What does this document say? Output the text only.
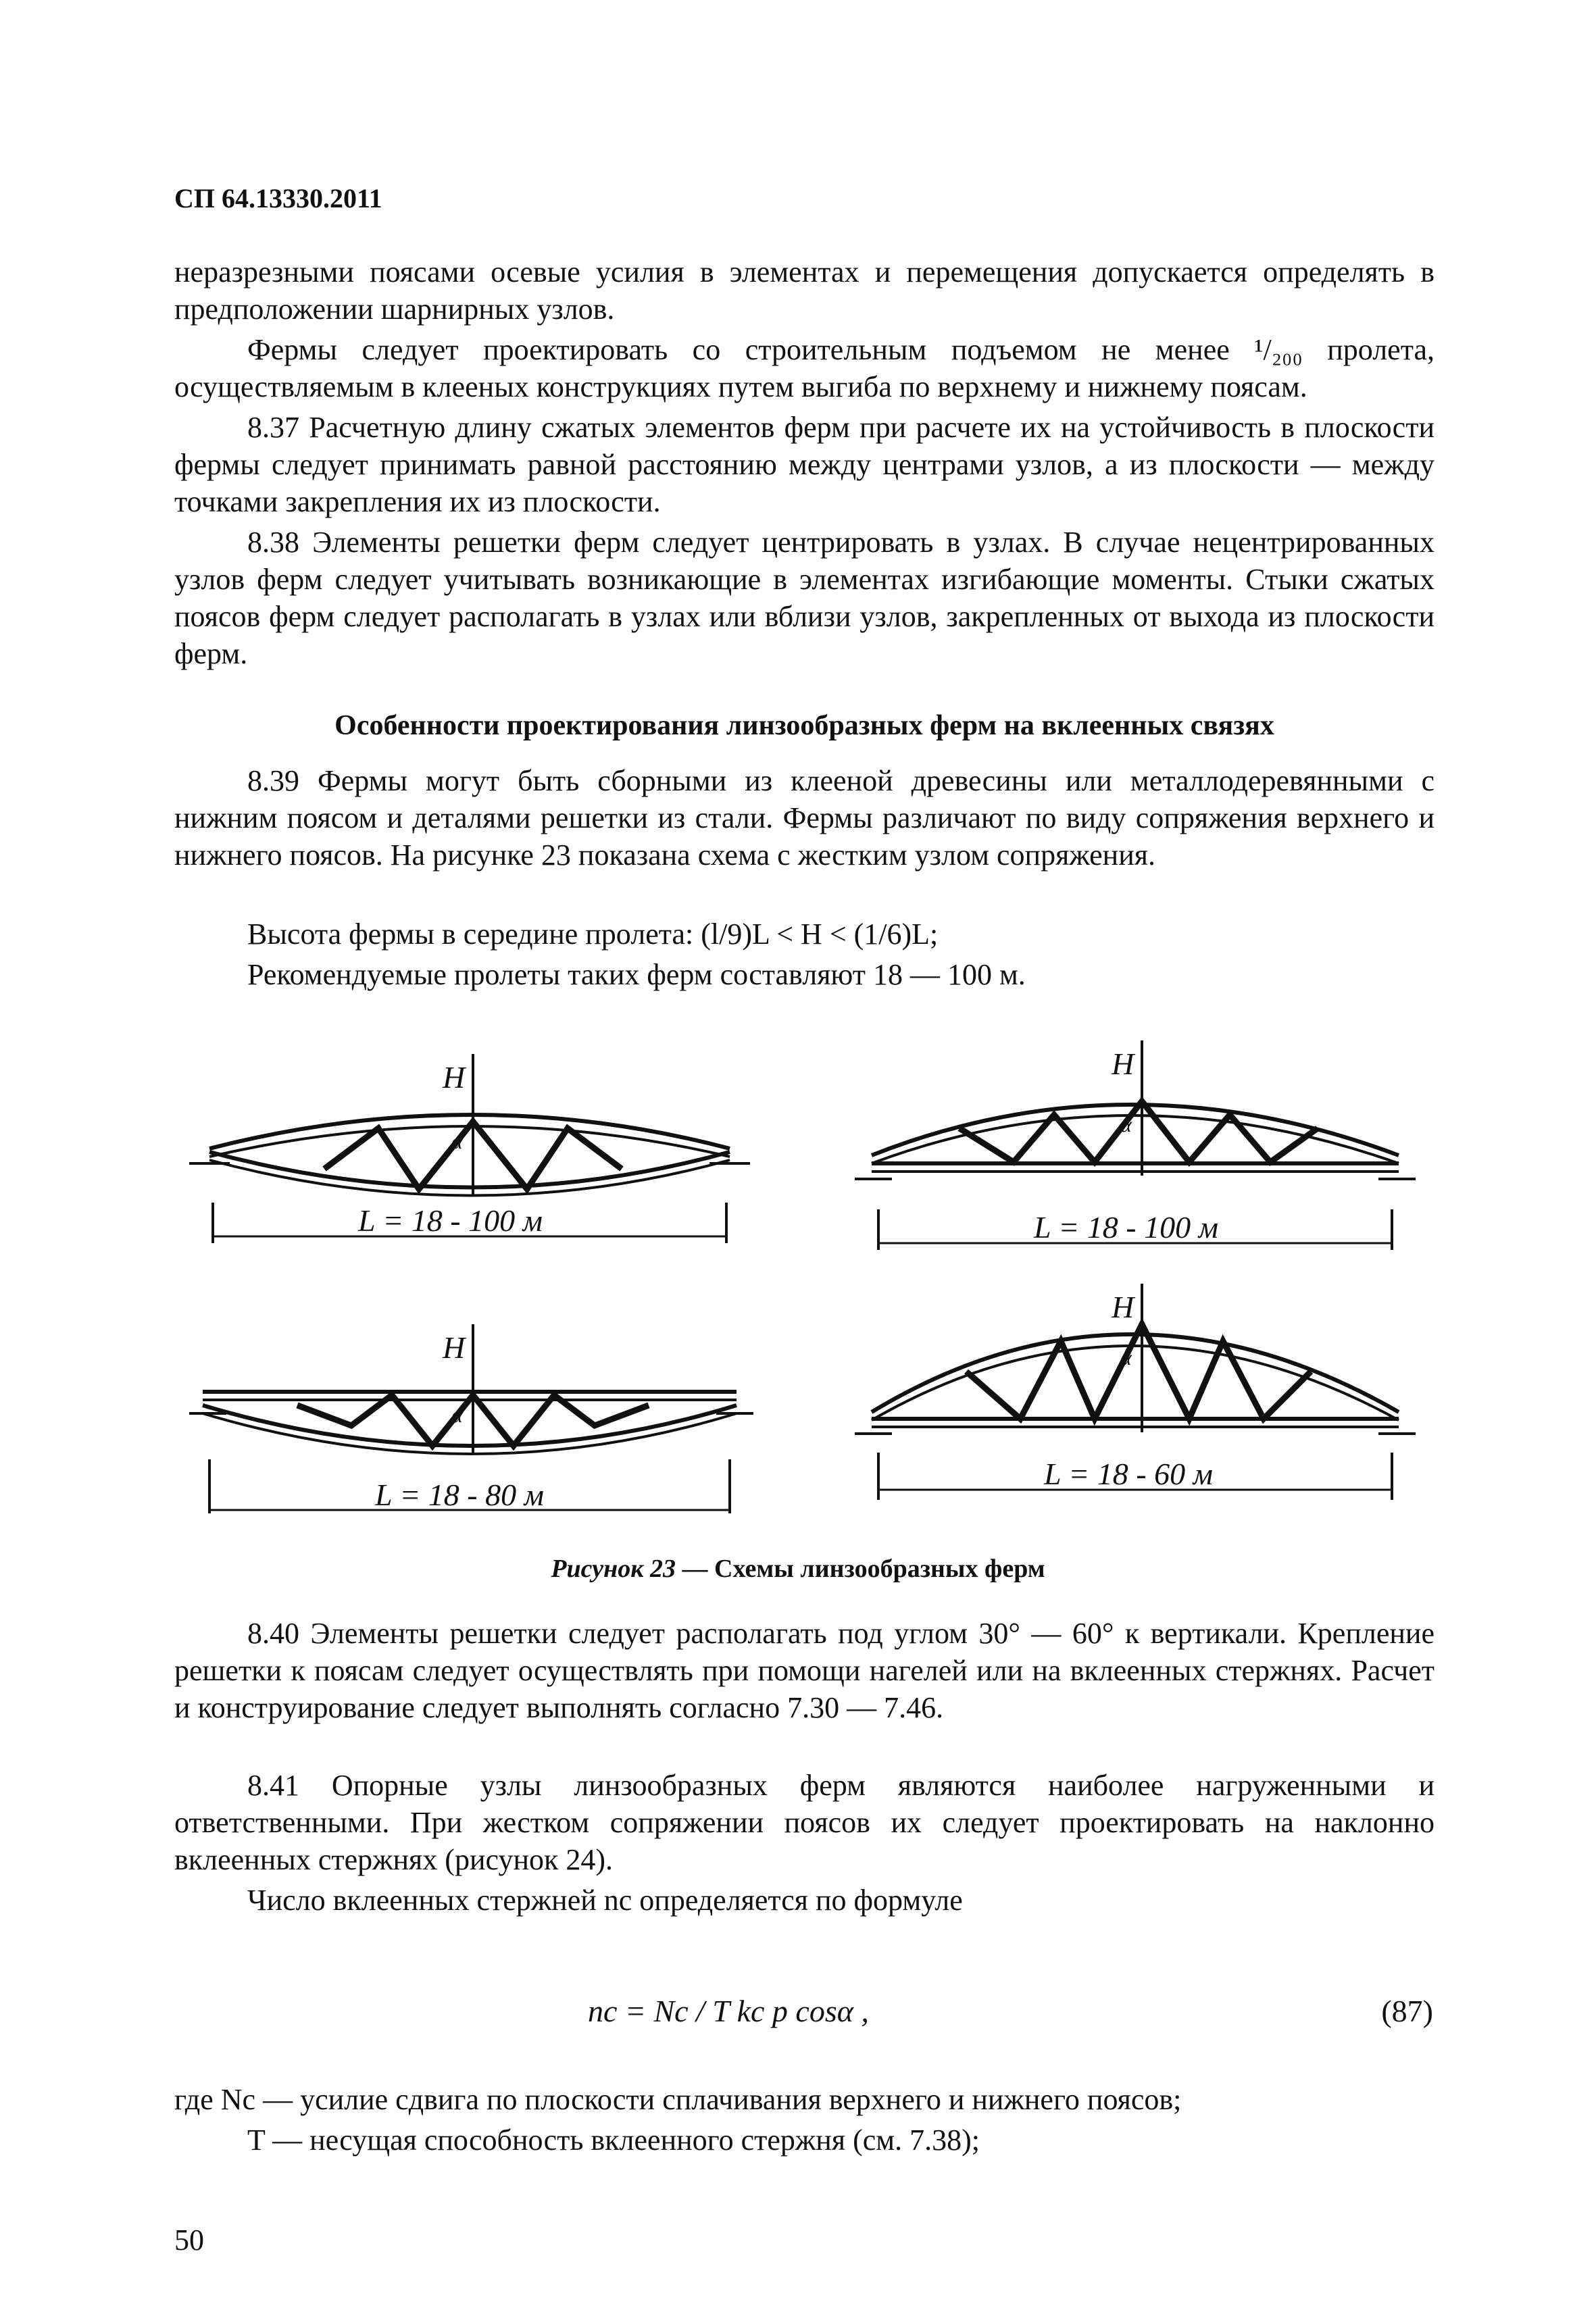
СП 64.13330.2011
неразрезными поясами осевые усилия в элементах и перемещения допускается определять в предположении шарнирных узлов.
Фермы следует проектировать со строительным подъемом не менее ¹/₂₀₀ пролета, осуществляемым в клееных конструкциях путем выгиба по верхнему и нижнему поясам.
8.37 Расчетную длину сжатых элементов ферм при расчете их на устойчивость в плоскости фермы следует принимать равной расстоянию между центрами узлов, а из плоскости — между точками закрепления их из плоскости.
8.38 Элементы решетки ферм следует центрировать в узлах. В случае нецентрированных узлов ферм следует учитывать возникающие в элементах изгибающие моменты. Стыки сжатых поясов ферм следует располагать в узлах или вблизи узлов, закрепленных от выхода из плоскости ферм.
Особенности проектирования линзообразных ферм на вклеенных связях
8.39 Фермы могут быть сборными из клееной древесины или металлодеревянными с нижним поясом и деталями решетки из стали. Фермы различают по виду сопряжения верхнего и нижнего поясов. На рисунке 23 показана схема с жестким узлом сопряжения.
Высота фермы в середине пролета: (l/9)L < H < (1/6)L;
Рекомендуемые пролеты таких ферм составляют 18 — 100 м.
L = 18 - 100 м	L = 18 - 100 м
L = 18 - 80 м
L = 18 - 60 м
H	H
H
H
α
α
α
α
Рисунок 23 — Схемы линзообразных ферм
8.40 Элементы решетки следует располагать под углом 30° — 60° к вертикали. Крепление решетки к поясам следует осуществлять при помощи нагелей или на вклеенных стержнях. Расчет и конструирование следует выполнять согласно 7.30 — 7.46.
8.41 Опорные узлы линзообразных ферм являются наиболее нагруженными и ответственными. При жестком сопряжении поясов их следует проектировать на наклонно вклеенных стержнях (рисунок 24).
Число вклеенных стержней nc определяется по формуле
nc = Nc / T kc p cosα ,	(87)
где Nc — усилие сдвига по плоскости сплачивания верхнего и нижнего поясов;
T — несущая способность вклеенного стержня (см. 7.38);
50
